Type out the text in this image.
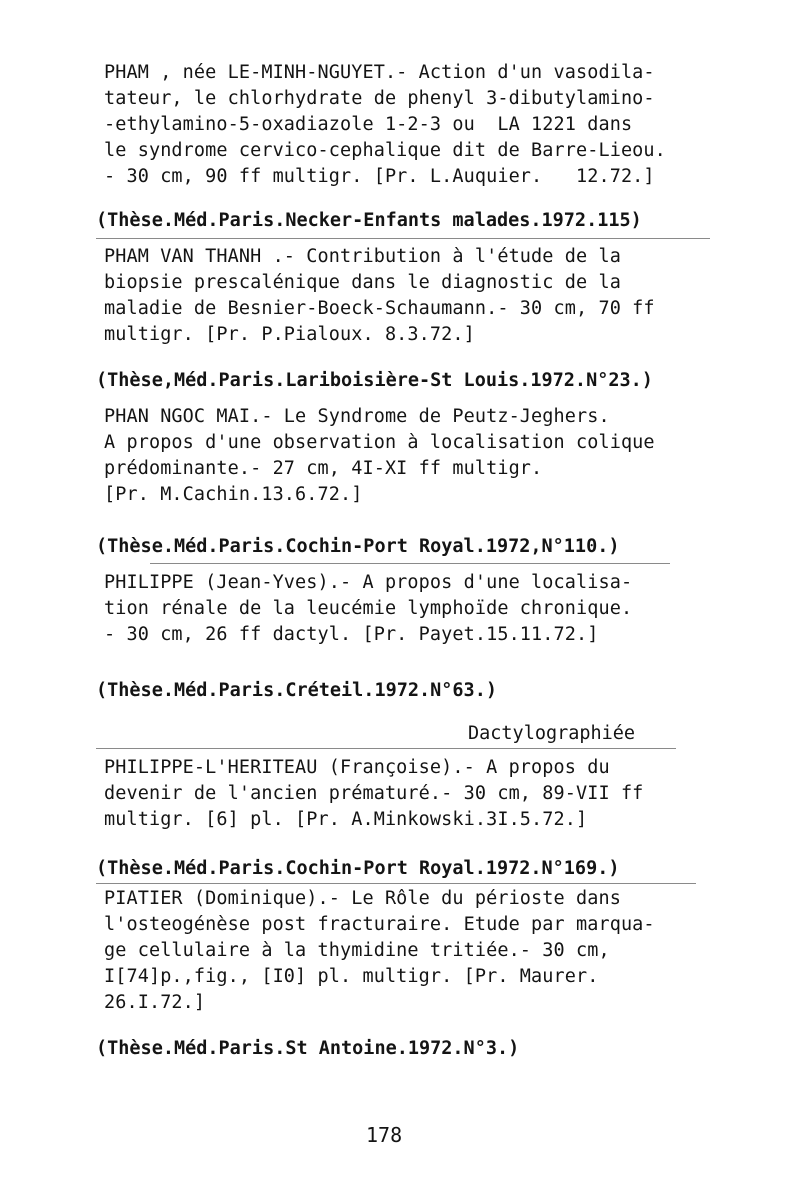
PHAM , née LE-MINH-NGUYET.- Action d'un vasodila-
tateur, le chlorhydrate de phenyl 3-dibutylamino-
-ethylamino-5-oxadiazole 1-2-3 ou  LA 1221 dans
le syndrome cervico-cephalique dit de Barre-Lieou.
- 30 cm, 90 ff multigr. [Pr. L.Auquier.   12.72.]
(Thèse.Méd.Paris.Necker-Enfants malades.1972.115)
PHAM VAN THANH .- Contribution à l'étude de la
biopsie prescalénique dans le diagnostic de la
maladie de Besnier-Boeck-Schaumann.- 30 cm, 70 ff
multigr. [Pr. P.Pialoux. 8.3.72.]
(Thèse,Méd.Paris.Lariboisière-St Louis.1972.N°23.)
PHAN NGOC MAI.- Le Syndrome de Peutz-Jeghers.
A propos d'une observation à localisation colique
prédominante.- 27 cm, 4I-XI ff multigr.
[Pr. M.Cachin.13.6.72.]
(Thèse.Méd.Paris.Cochin-Port Royal.1972,N°110.)
PHILIPPE (Jean-Yves).- A propos d'une localisa-
tion rénale de la leucémie lymphoïde chronique.
- 30 cm, 26 ff dactyl. [Pr. Payet.15.11.72.]
(Thèse.Méd.Paris.Créteil.1972.N°63.)
Dactylographiée
PHILIPPE-L'HERITEAU (Françoise).- A propos du
devenir de l'ancien prématuré.- 30 cm, 89-VII ff
multigr. [6] pl. [Pr. A.Minkowski.3I.5.72.]
(Thèse.Méd.Paris.Cochin-Port Royal.1972.N°169.)
PIATIER (Dominique).- Le Rôle du périoste dans
l'osteogénèse post fracturaire. Etude par marqua-
ge cellulaire à la thymidine tritiée.- 30 cm,
I[74]p.,fig., [I0] pl. multigr. [Pr. Maurer.
26.I.72.]
(Thèse.Méd.Paris.St Antoine.1972.N°3.)
178
